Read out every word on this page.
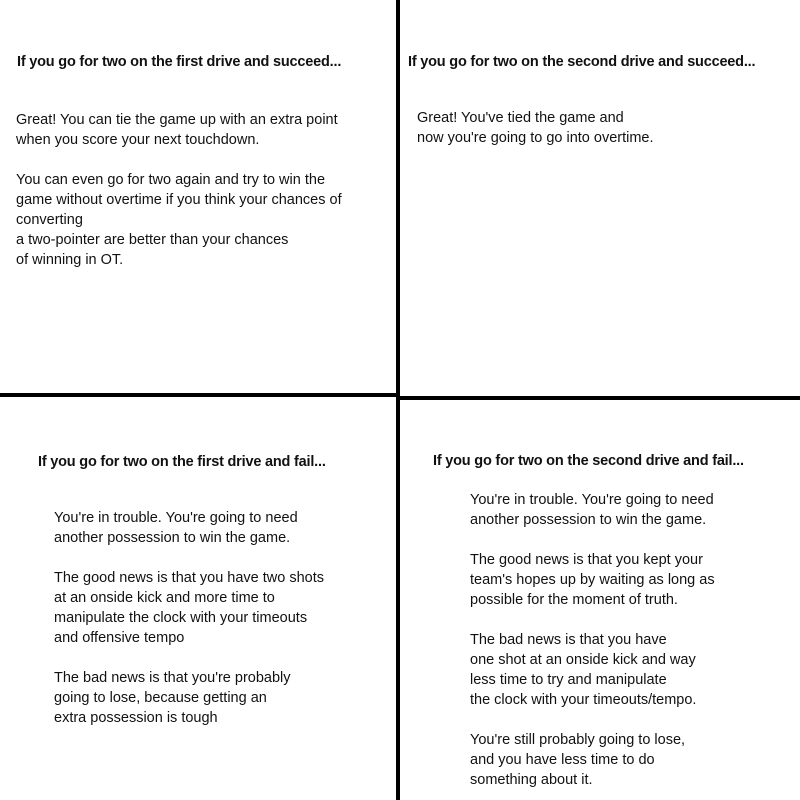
If you go for two on the first drive and succeed...

Great! You can tie the game up with an extra point
when you score your next touchdown.

You can even go for two again and try to win the
game without overtime if you think your chances of
converting
a two-pointer are better than your chances
of winning in OT.

If you go for two on the second drive and succeed...

Great! You've tied the game and
now you're going to go into overtime.

If you go for two on the first drive and fail...

You're in trouble. You're going to need
another possession to win the game.

The good news is that you have two shots
at an onside kick and more time to
manipulate the clock with your timeouts
and offensive tempo

The bad news is that you're probably
going to lose, because getting an
extra possession is tough

If you go for two on the second drive and fail...

You're in trouble. You're going to need
another possession to win the game.

The good news is that you kept your
team's hopes up by waiting as long as
possible for the moment of truth.

The bad news is that you have
one shot at an onside kick and way
less time to try and manipulate
the clock with your timeouts/tempo.

You're still probably going to lose,
and you have less time to do
something about it.
